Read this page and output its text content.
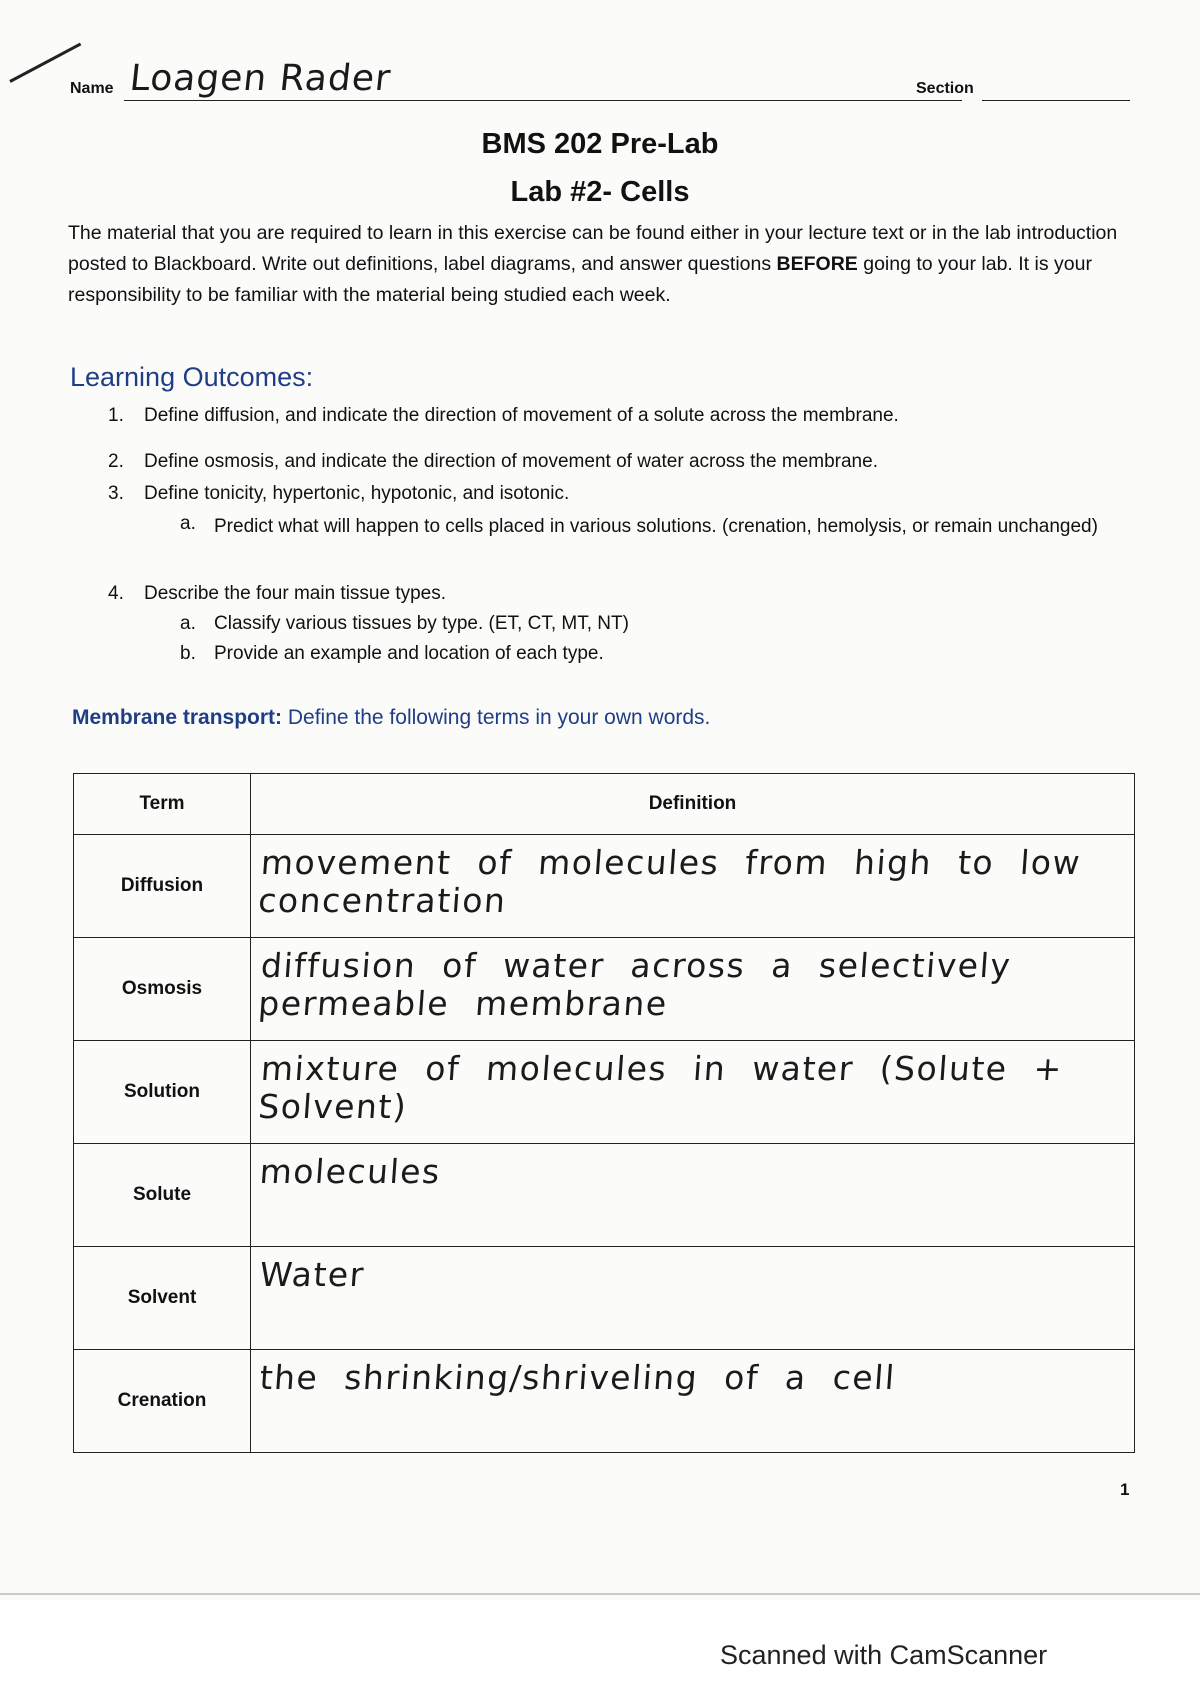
Name Loagen Rader	Section
BMS 202 Pre-Lab
Lab #2- Cells
The material that you are required to learn in this exercise can be found either in your lecture text or in the lab introduction posted to Blackboard. Write out definitions, label diagrams, and answer questions BEFORE going to your lab. It is your responsibility to be familiar with the material being studied each week.
Learning Outcomes:
1. Define diffusion, and indicate the direction of movement of a solute across the membrane.
2. Define osmosis, and indicate the direction of movement of water across the membrane.
3. Define tonicity, hypertonic, hypotonic, and isotonic.
a. Predict what will happen to cells placed in various solutions. (crenation, hemolysis, or remain unchanged)
4. Describe the four main tissue types.
a. Classify various tissues by type. (ET, CT, MT, NT)
b. Provide an example and location of each type.
Membrane transport: Define the following terms in your own words.
Term	Definition
Diffusion	movement of molecules from high to low concentration

Osmosis	diffusion of water across a selectively permeable membrane

Solution	mixture of molecules in water (Solute + Solvent)

Solute	molecules

Solvent	Water

Crenation	the shrinking/shriveling of a cell
1
Scanned with CamScanner
